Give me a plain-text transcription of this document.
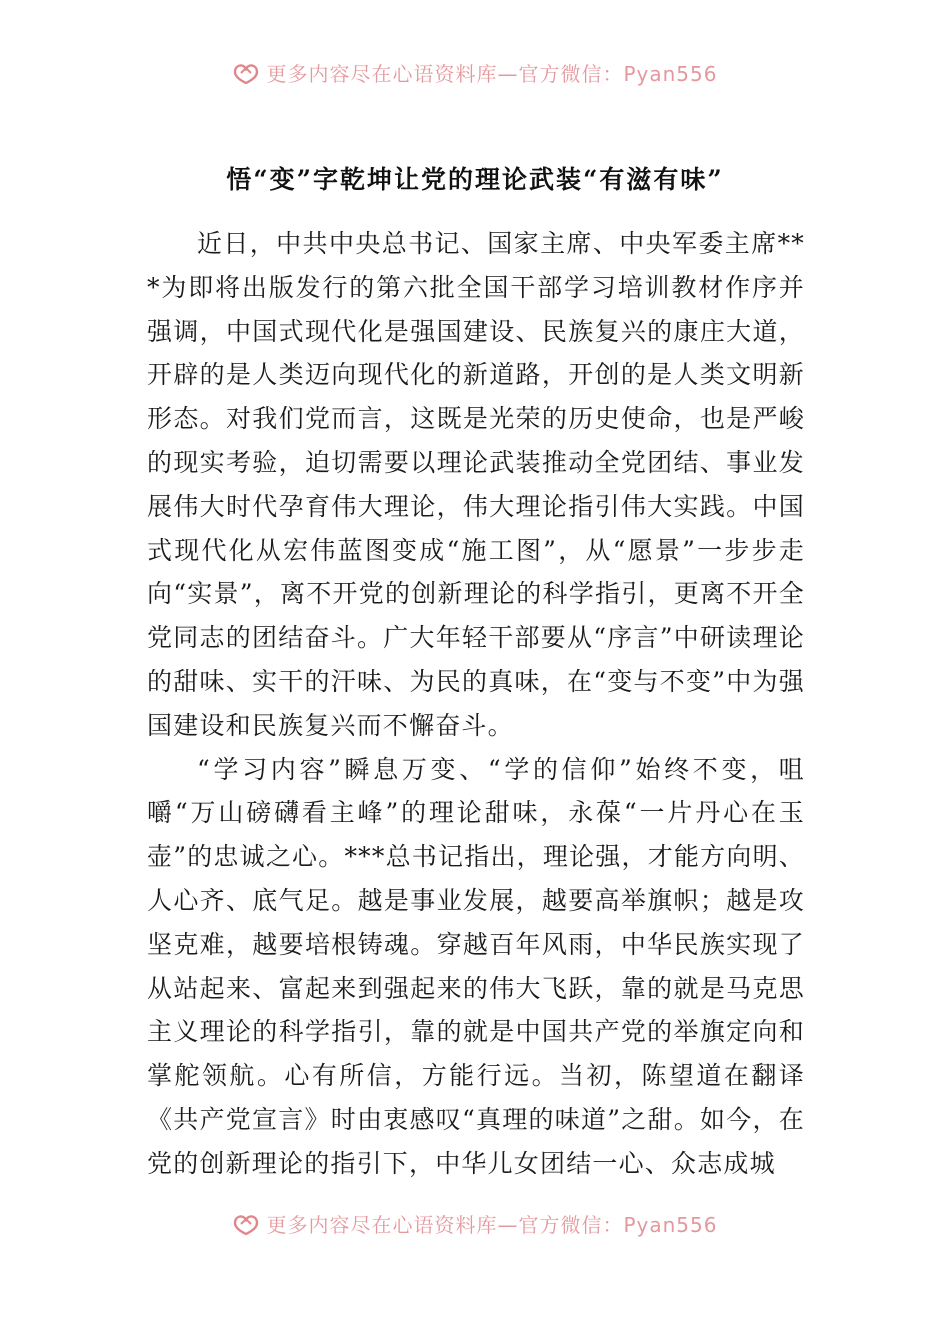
更多内容尽在心语资料库—官方微信：Pyan556
悟“变”字乾坤让党的理论武装“有滋有味”

近日，中共中央总书记、国家主席、中央军委主席***为即将出版发行的第六批全国干部学习培训教材作序并强调，中国式现代化是强国建设、民族复兴的康庄大道，开辟的是人类迈向现代化的新道路，开创的是人类文明新形态。对我们党而言，这既是光荣的历史使命，也是严峻的现实考验，迫切需要以理论武装推动全党团结、事业发展伟大时代孕育伟大理论，伟大理论指引伟大实践。中国式现代化从宏伟蓝图变成“施工图”，从“愿景”一步步走向“实景”，离不开党的创新理论的科学指引，更离不开全党同志的团结奋斗。广大年轻干部要从“序言”中研读理论的甜味、实干的汗味、为民的真味，在“变与不变”中为强国建设和民族复兴而不懈奋斗。

“学习内容”瞬息万变、“学的信仰”始终不变，咀嚼“万山磅礴看主峰”的理论甜味，永葆“一片丹心在玉壶”的忠诚之心。***总书记指出，理论强，才能方向明、人心齐、底气足。越是事业发展，越要高举旗帜；越是攻坚克难，越要培根铸魂。穿越百年风雨，中华民族实现了从站起来、富起来到强起来的伟大飞跃，靠的就是马克思主义理论的科学指引，靠的就是中国共产党的举旗定向和掌舵领航。心有所信，方能行远。当初，陈望道在翻译《共产党宣言》时由衷感叹“真理的味道”之甜。如今，在党的创新理论的指引下，中华儿女团结一心、众志成城

更多内容尽在心语资料库—官方微信：Pyan556
